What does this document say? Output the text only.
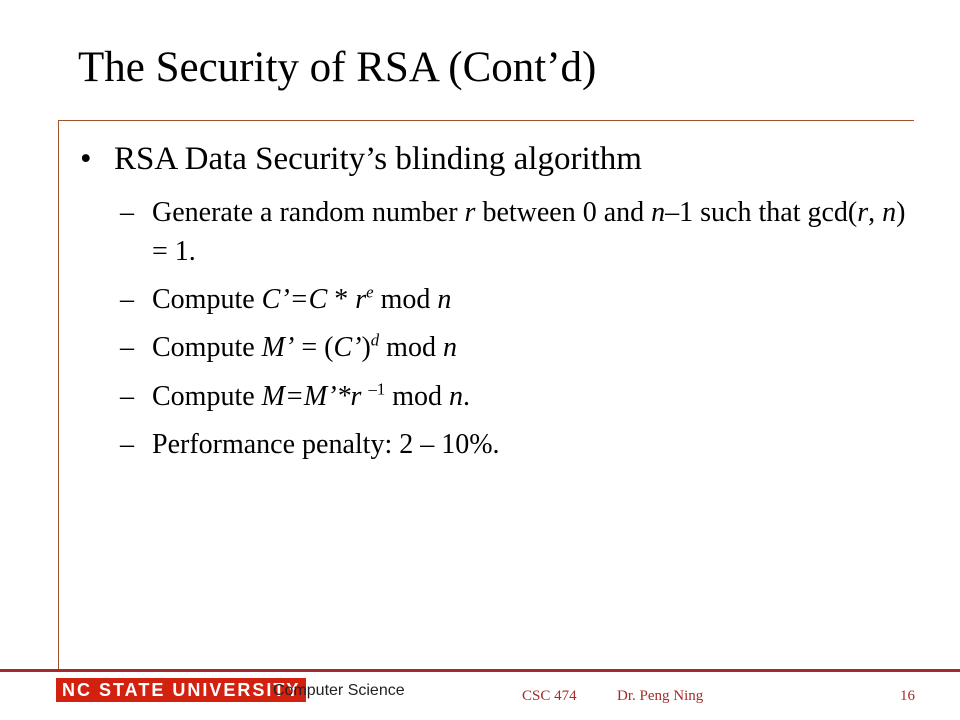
The Security of RSA (Cont’d)
• RSA Data Security’s blinding algorithm
– Generate a random number r between 0 and n–1 such that gcd(r, n) = 1.
– Compute C’=C * $r^e$ mod n
– Compute M’ = (C’)$^d$ mod n
– Compute M=M’*r $^{-1}$ mod n.
– Performance penalty: 2 – 10%.
NC STATE UNIVERSITY
Computer Science	CSC 474	Dr. Peng Ning	16
